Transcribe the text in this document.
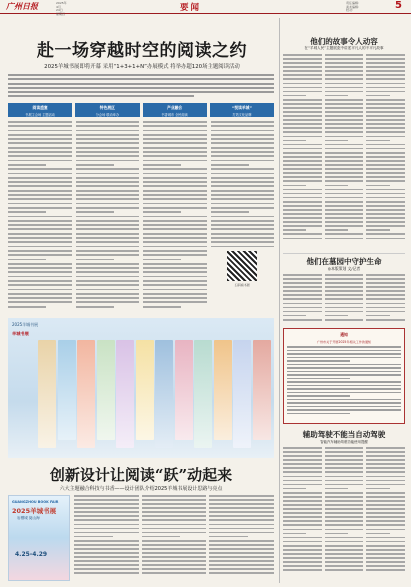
广州日报	2025年
4月
24日
星期四
要闻	责任编辑：
美术编辑：
校对：	5
赴一场穿越时空的阅读之约
2025羊城书展即将开幕 采用“1+3+1+N”办展模式 将举办超120场主题阅读活动
阅读盛宴
书展主会场 主题活动
特色展区
分会场 联动举办
产业融合
书香城市 全民阅读
“悦读羊城”
打造文化品牌
扫码看书展
2025羊城书展
羊城书展
创新设计让阅读“跃”动起来
六大主题融合科技与书香——设计团队介绍2025羊城书展设计思路与亮点
GUANGZHOU BOOK FAIR
2025羊城书展
岩栖城 阅山海
4.25-4.29
他们的故事令人动容
在“羊城人民”主题展览中讲述平凡人的不平凡故事
他们在墓园中守护生命
◎本版策划 文/记者
通知
广州市关于开展2025年相关工作的通知
辅助驾驶不能当自动驾驶
智能汽车辅助驾驶功能使用提醒
